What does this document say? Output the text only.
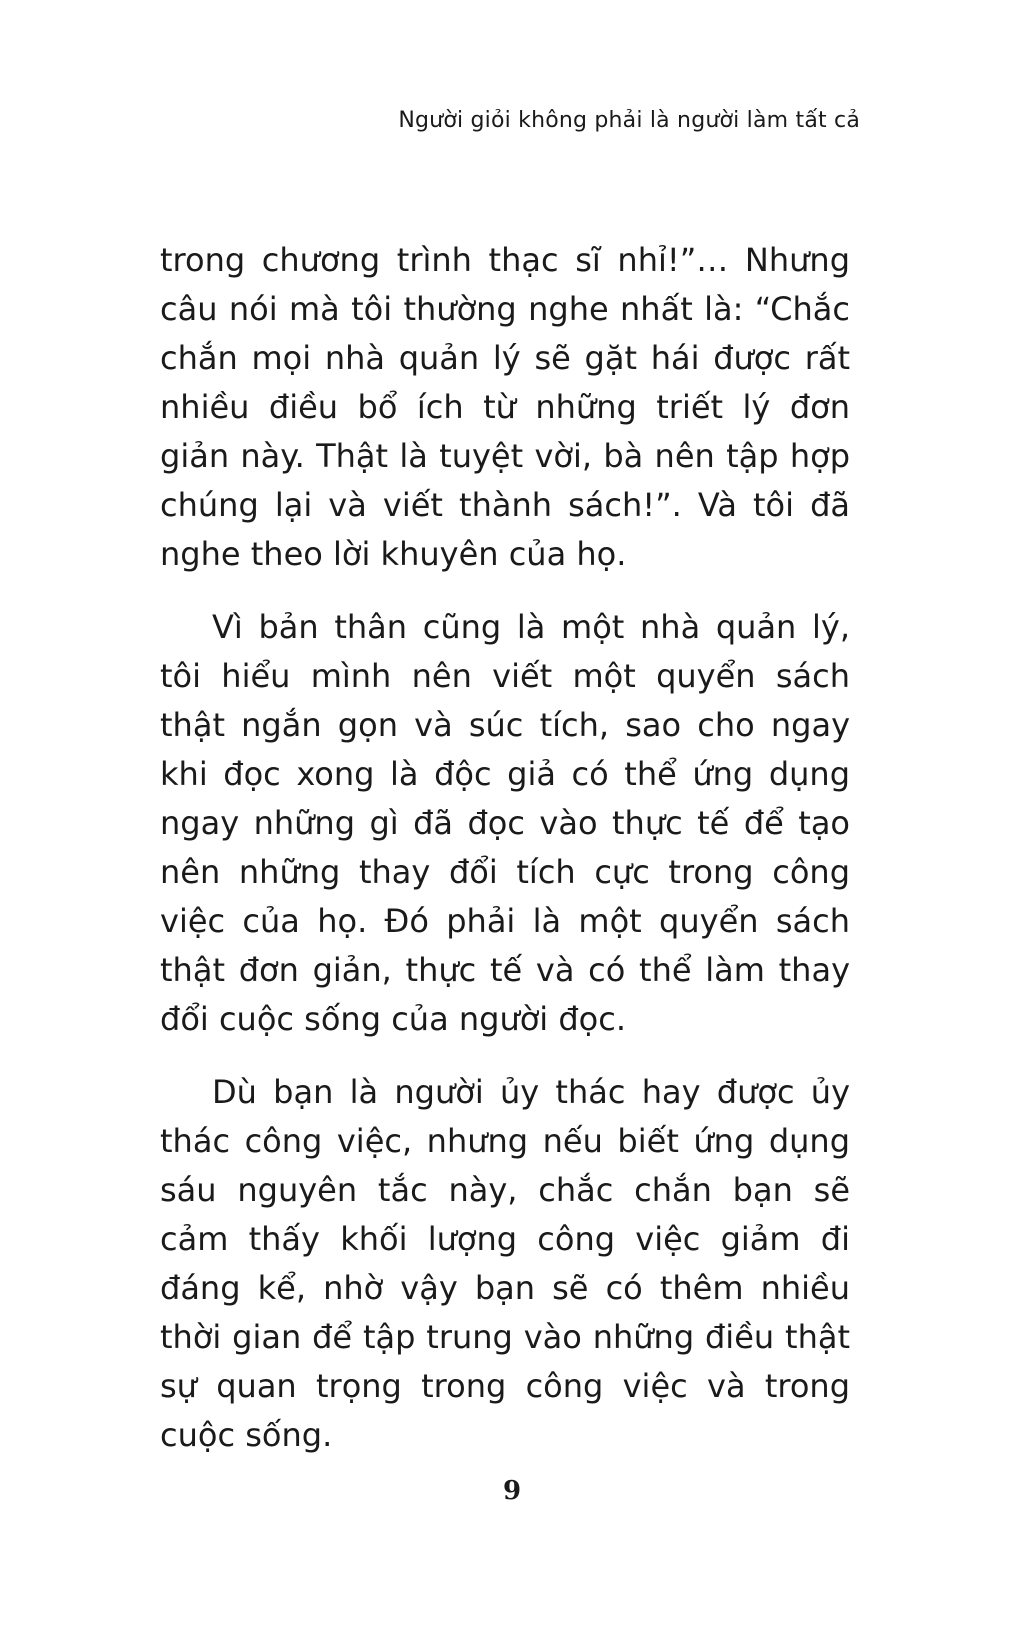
Người giỏi không phải là người làm tất cả

trong chương trình thạc sĩ nhỉ!”… Nhưng câu nói mà tôi thường nghe nhất là: “Chắc chắn mọi nhà quản lý sẽ gặt hái được rất nhiều điều bổ ích từ những triết lý đơn giản này. Thật là tuyệt vời, bà nên tập hợp chúng lại và viết thành sách!”. Và tôi đã nghe theo lời khuyên của họ.

Vì bản thân cũng là một nhà quản lý, tôi hiểu mình nên viết một quyển sách thật ngắn gọn và súc tích, sao cho ngay khi đọc xong là độc giả có thể ứng dụng ngay những gì đã đọc vào thực tế để tạo nên những thay đổi tích cực trong công việc của họ. Đó phải là một quyển sách thật đơn giản, thực tế và có thể làm thay đổi cuộc sống của người đọc.

Dù bạn là người ủy thác hay được ủy thác công việc, nhưng nếu biết ứng dụng sáu nguyên tắc này, chắc chắn bạn sẽ cảm thấy khối lượng công việc giảm đi đáng kể, nhờ vậy bạn sẽ có thêm nhiều thời gian để tập trung vào những điều thật sự quan trọng trong công việc và trong cuộc sống.

9
